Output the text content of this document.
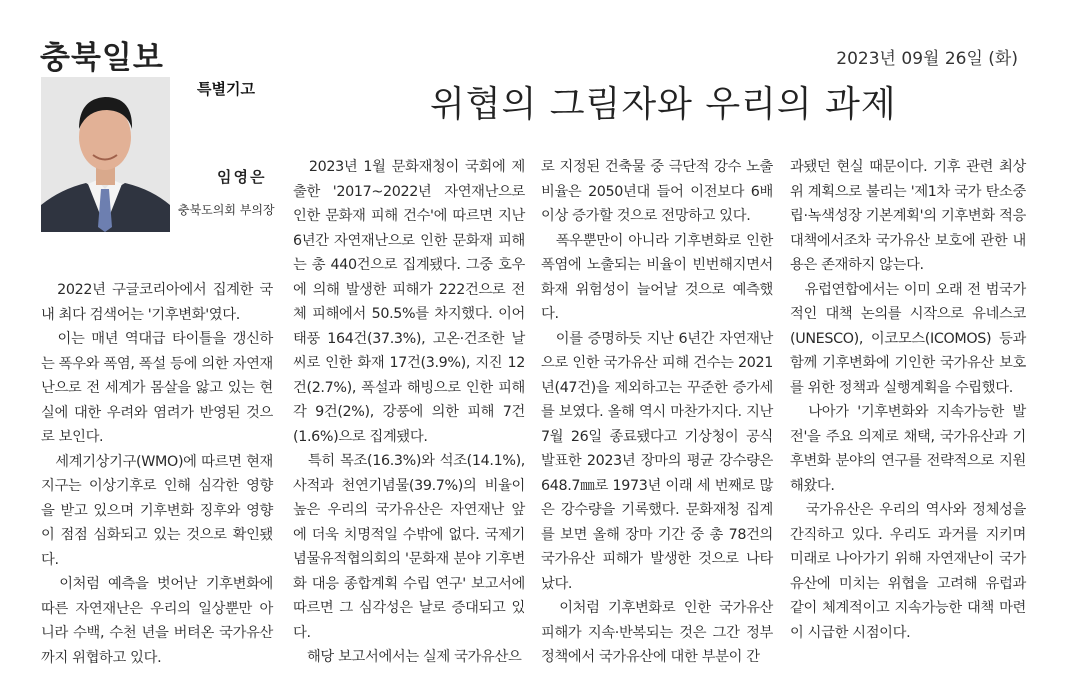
충북일보	2023년 09월 26일 (화)
특별기고	위협의 그림자와 우리의 과제
임영은
충북도의회 부의장
　2022년 구글코리아에서 집계한 국내 최다 검색어는 '기후변화'였다.
　이는 매년 역대급 타이틀을 갱신하는 폭우와 폭염, 폭설 등에 의한 자연재난으로 전 세계가 몸살을 앓고 있는 현실에 대한 우려와 염려가 반영된 것으로 보인다.
　세계기상기구(WMO)에 따르면 현재 지구는 이상기후로 인해 심각한 영향을 받고 있으며 기후변화 징후와 영향이 점점 심화되고 있는 것으로 확인됐다.
　이처럼 예측을 벗어난 기후변화에 따른 자연재난은 우리의 일상뿐만 아니라 수백, 수천 년을 버텨온 국가유산까지 위협하고 있다.
　2023년 1월 문화재청이 국회에 제출한 '2017~2022년 자연재난으로 인한 문화재 피해 건수'에 따르면 지난 6년간 자연재난으로 인한 문화재 피해는 총 440건으로 집계됐다. 그중 호우에 의해 발생한 피해가 222건으로 전체 피해에서 50.5%를 차지했다. 이어 태풍 164건(37.3%), 고온·건조한 날씨로 인한 화재 17건(3.9%), 지진 12건(2.7%), 폭설과 해빙으로 인한 피해 각 9건(2%), 강풍에 의한 피해 7건(1.6%)으로 집계됐다.
　특히 목조(16.3%)와 석조(14.1%), 사적과 천연기념물(39.7%)의 비율이 높은 우리의 국가유산은 자연재난 앞에 더욱 치명적일 수밖에 없다. 국제기념물유적협의회의 '문화재 분야 기후변화 대응 종합계획 수립 연구' 보고서에 따르면 그 심각성은 날로 증대되고 있다.
　해당 보고서에서는 실제 국가유산으
로 지정된 건축물 중 극단적 강수 노출 비율은 2050년대 들어 이전보다 6배 이상 증가할 것으로 전망하고 있다.
　폭우뿐만이 아니라 기후변화로 인한 폭염에 노출되는 비율이 빈번해지면서 화재 위험성이 늘어날 것으로 예측했다.
　이를 증명하듯 지난 6년간 자연재난으로 인한 국가유산 피해 건수는 2021년(47건)을 제외하고는 꾸준한 증가세를 보였다. 올해 역시 마찬가지다. 지난 7월 26일 종료됐다고 기상청이 공식 발표한 2023년 장마의 평균 강수량은 648.7㎜로 1973년 이래 세 번째로 많은 강수량을 기록했다. 문화재청 집계를 보면 올해 장마 기간 중 총 78건의 국가유산 피해가 발생한 것으로 나타났다.
　이처럼 기후변화로 인한 국가유산 피해가 지속·반복되는 것은 그간 정부 정책에서 국가유산에 대한 부분이 간
과됐던 현실 때문이다. 기후 관련 최상위 계획으로 불리는 '제1차 국가 탄소중립·녹색성장 기본계획'의 기후변화 적응대책에서조차 국가유산 보호에 관한 내용은 존재하지 않는다.
　유럽연합에서는 이미 오래 전 범국가적인 대책 논의를 시작으로 유네스코(UNESCO), 이코모스(ICOMOS) 등과 함께 기후변화에 기인한 국가유산 보호를 위한 정책과 실행계획을 수립했다.
　나아가 '기후변화와 지속가능한 발전'을 주요 의제로 채택, 국가유산과 기후변화 분야의 연구를 전략적으로 지원해왔다.
　국가유산은 우리의 역사와 정체성을 간직하고 있다. 우리도 과거를 지키며 미래로 나아가기 위해 자연재난이 국가유산에 미치는 위협을 고려해 유럽과 같이 체계적이고 지속가능한 대책 마련이 시급한 시점이다.
